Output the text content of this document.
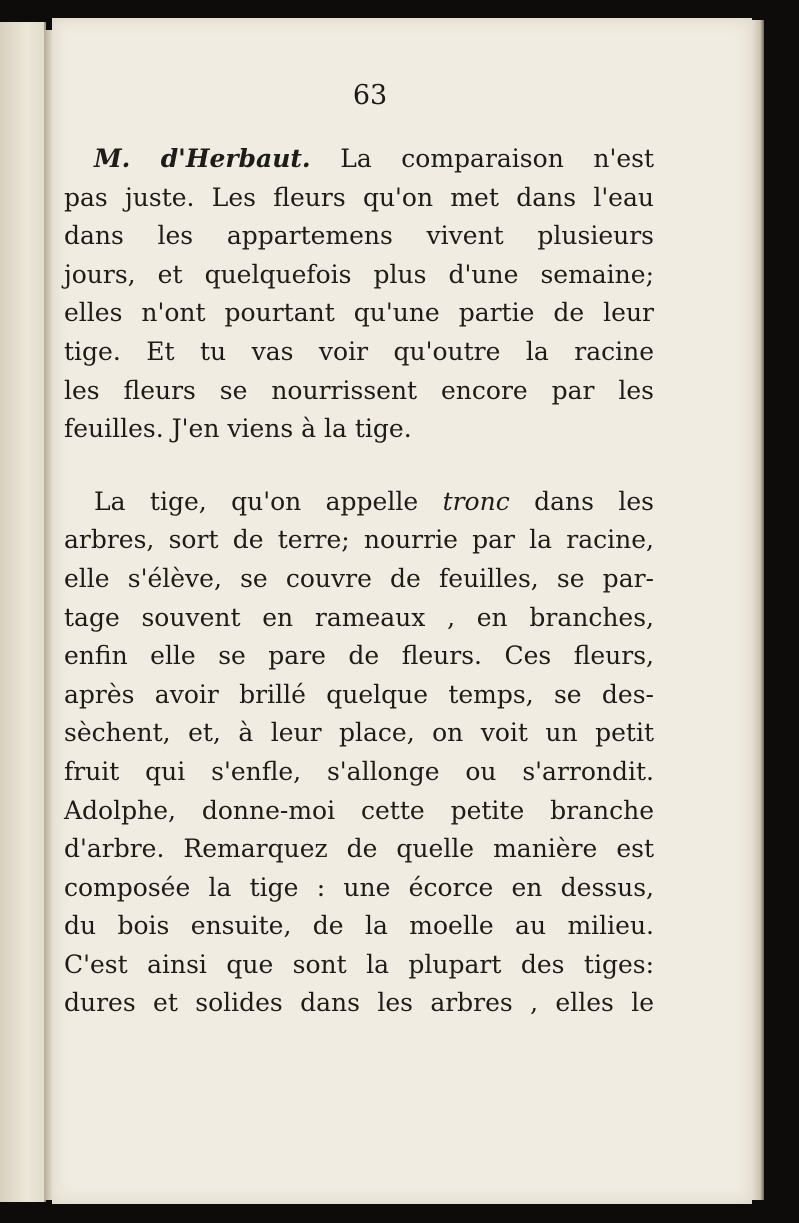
63
M. d'Herbaut. La comparaison n'est
pas juste. Les fleurs qu'on met dans l'eau
dans les appartemens vivent plusieurs
jours, et quelquefois plus d'une semaine;
elles n'ont pourtant qu'une partie de leur
tige. Et tu vas voir qu'outre la racine
les fleurs se nourrissent encore par les
feuilles. J'en viens à la tige.
La tige, qu'on appelle tronc dans les
arbres, sort de terre; nourrie par la racine,
elle s'élève, se couvre de feuilles, se par-
tage souvent en rameaux , en branches,
enfin elle se pare de fleurs. Ces fleurs,
après avoir brillé quelque temps, se des-
sèchent, et, à leur place, on voit un petit
fruit qui s'enfle, s'allonge ou s'arrondit.
Adolphe, donne-moi cette petite branche
d'arbre. Remarquez de quelle manière est
composée la tige : une écorce en dessus,
du bois ensuite, de la moelle au milieu.
C'est ainsi que sont la plupart des tiges:
dures et solides dans les arbres , elles le
